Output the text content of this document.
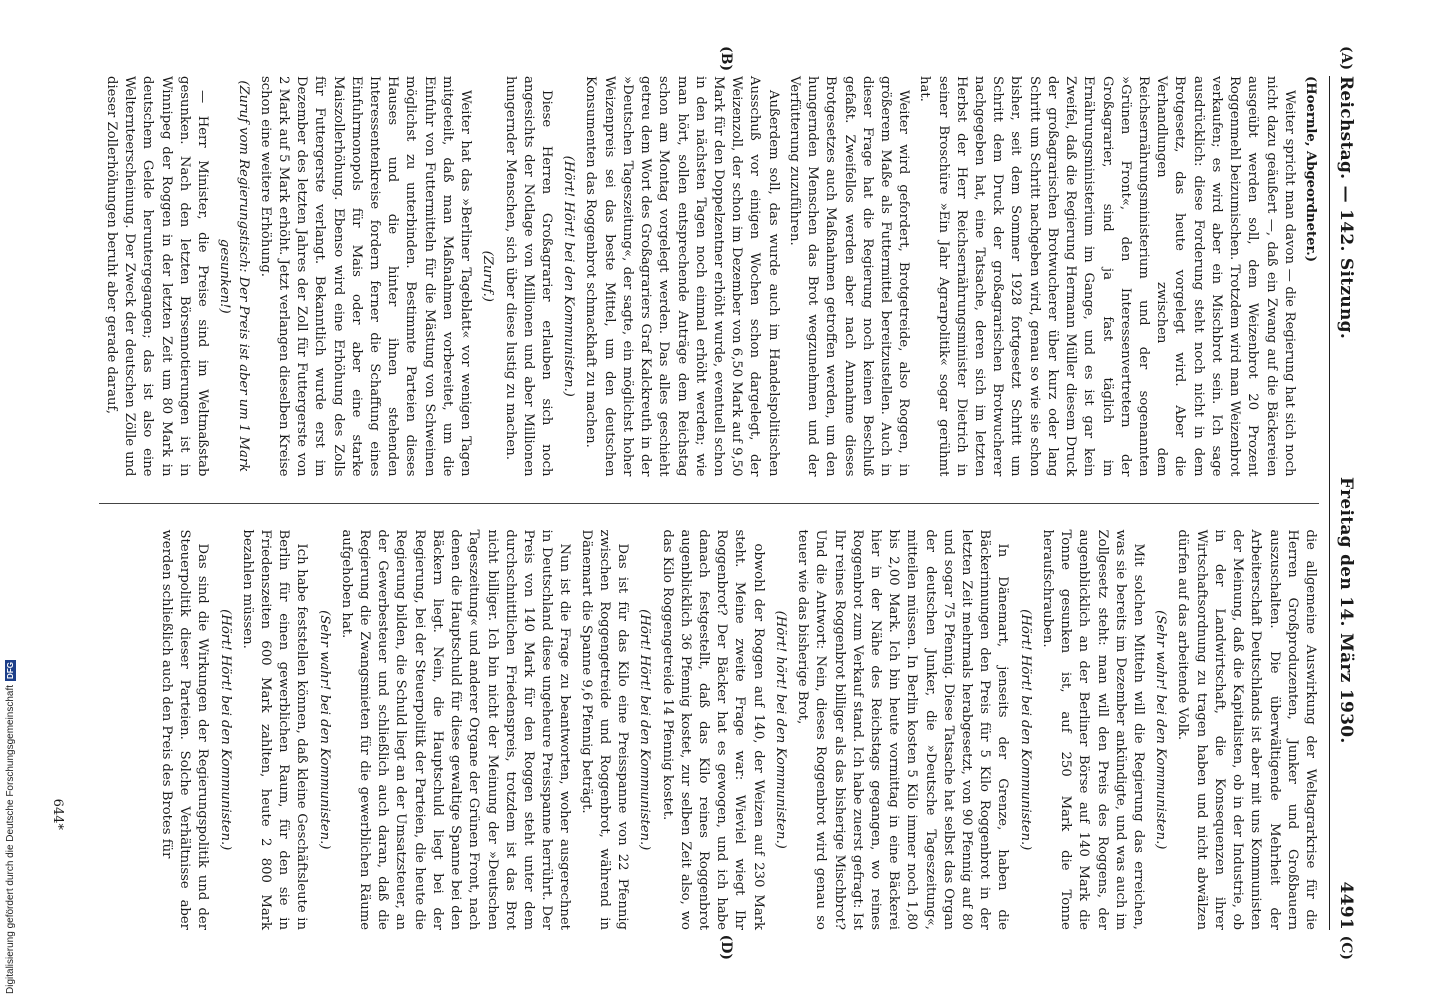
Reichstag. — 142. Sitzung.
Freitag den 14. März 1930.
4491

(Hoernle, Abgeordneter.)

Weiter spricht man davon — die Regierung hat sich noch nicht dazu geäußert —, daß ein Zwang auf die Bäckereien ausgeübt werden soll, dem Weizenbrot 20 Prozent Roggenmehl beizumischen. Trotzdem wird man Weizenbrot verkaufen; es wird aber ein Mischbrot sein. Ich sage ausdrücklich: diese Forderung steht noch nicht in dem Brotgesetz, das heute vorgelegt wird. Aber die Verhandlungen zwischen dem Reichsernährungsministerium und der sogenannten »Grünen Front«, den Interessenvertretern der Großagrarier, sind ja fast täglich im Ernährungsministerium im Gange, und es ist gar kein Zweifel, daß die Regierung Hermann Müller diesem Druck der großagrarischen Brotwucherer über kurz oder lang Schritt um Schritt nachgeben wird, genau so wie sie schon bisher, seit dem Sommer 1928 fortgesetzt Schritt um Schritt dem Druck der großagrarischen Brotwucherer nachgegeben hat, eine Tatsache, deren sich im letzten Herbst der Herr Reichsernährungsminister Dietrich in seiner Broschüre »Ein Jahr Agrarpolitik« sogar gerühmt hat.

Weiter wird gefordert, Brotgetreide, also Roggen, in größerem Maße als Futtermittel bereitzustellen. Auch in dieser Frage hat die Regierung noch keinen Beschluß gefaßt. Zweifellos werden aber nach Annahme dieses Brotgesetzes auch Maßnahmen getroffen werden, um den hungernden Menschen das Brot wegzunehmen und der Verfütterung zuzuführen.

Außerdem soll, das wurde auch im Handelspolitischen Ausschuß vor einigen Wochen schon dargelegt, der Weizenzoll, der schon im Dezember von 6,50 Mark auf 9,50 Mark für den Doppelzentner erhöht wurde, eventuell schon in den nächsten Tagen noch einmal erhöht werden; wie man hört, sollen entsprechende Anträge dem Reichstag schon am Montag vorgelegt werden. Das alles geschieht getreu dem Wort des Großagrariers Graf Kalckreuth in der »Deutschen Tageszeitung«, der sagte, ein möglichst hoher Weizenpreis sei das beste Mittel, um den deutschen Konsumenten das Roggenbrot schmackhaft zu machen.

(Hört! Hört! bei den Kommunisten.)

Diese Herren Großagrarier erlauben sich noch angesichts der Notlage von Millionen und aber Millionen hungernder Menschen, sich über diese lustig zu machen.

(Zuruf.)

Weiter hat das »Berliner Tageblatt« vor wenigen Tagen mitgeteilt, daß man Maßnahmen vorbereitet, um die Einfuhr von Futtermitteln für die Mästung von Schweinen möglichst zu unterbinden. Bestimmte Parteien dieses Hauses und die hinter ihnen stehenden Interessentenkreise fordern ferner die Schaffung eines Einfuhrmonopols für Mais oder aber eine starke Maiszollerhöhung. Ebenso wird eine Erhöhung des Zolls für Futtergerste verlangt. Bekanntlich wurde erst im Dezember des letzten Jahres der Zoll für Futtergerste von 2 Mark auf 5 Mark erhöht. Jetzt verlangen dieselben Kreise schon eine weitere Erhöhung.

(Zuruf vom Regierungstisch: Der Preis ist aber um 1 Mark gesunken!)

— Herr Minister, die Preise sind im Weltmaßstab gesunken. Nach den letzten Börsennotierungen ist in Winnipeg der Roggen in der letzten Zeit um 80 Mark in deutschem Gelde heruntergegangen; das ist also eine Welternteerscheinung. Der Zweck der deutschen Zölle und dieser Zollerhöhungen beruht aber gerade darauf,

die allgemeine Auswirkung der Weltagrarkrise für die Herren Großproduzenten, Junker und Großbauern auszuschalten. Die überwältigende Mehrheit der Arbeiterschaft Deutschlands ist aber mit uns Kommunisten der Meinung, daß die Kapitalisten, ob in der Industrie, ob in der Landwirtschaft, die Konsequenzen ihrer Wirtschaftsordnung zu tragen haben und nicht abwälzen dürfen auf das arbeitende Volk.

(Sehr wahr! bei den Kommunisten.)

Mit solchen Mitteln will die Regierung das erreichen, was sie bereits im Dezember ankündigte, und was auch im Zollgesetz steht: man will den Preis des Roggens, der augenblicklich an der Berliner Börse auf 140 Mark die Tonne gesunken ist, auf 250 Mark die Tonne heraufschrauben.

(Hört! Hört! bei den Kommunisten.)

In Dänemart, jenseits der Grenze, haben die Bäckerinnungen den Preis für 5 Kilo Roggenbrot in der letzten Zeit mehrmals herabgesetzt, von 90 Pfennig auf 80 und sogar 75 Pfennig. Diese Tatsache hat selbst das Organ der deutschen Junker, die »Deutsche Tageszeitung«, mitteilen müssen. In Berlin kosten 5 Kilo immer noch 1,80 bis 2,00 Mark. Ich bin heute vormittag in eine Bäckerei hier in der Nähe des Reichstags gegangen, wo reines Roggenbrot zum Verkauf stand. Ich habe zuerst gefragt: Ist Ihr reines Roggenbrot billiger als das bisherige Mischbrot? Und die Antwort: Nein, dieses Roggenbrot wird genau so teuer wie das bisherige Brot,

(Hört! hört! bei den Kommunisten.)

obwohl der Roggen auf 140, der Weizen auf 230 Mark steht. Meine zweite Frage war: Wieviel wiegt Ihr Roggenbrot? Der Bäcker hat es gewogen, und ich habe danach festgestellt, daß das Kilo reines Roggenbrot augenblicklich 36 Pfennig kostet, zur selben Zeit also, wo das Kilo Roggengetreide 14 Pfennig kostet.

(Hört! Hört! bei den Kommunisten.)

Das ist für das Kilo eine Preisspanne von 22 Pfennig zwischen Roggengetreide und Roggenbrot, während in Dänemart die Spanne 9,6 Pfennig beträgt.

Nun ist die Frage zu beantworten, woher ausgerechnet in Deutschland diese ungeheure Preisspanne herrührt. Der Preis von 140 Mark für den Roggen steht unter dem durchschnittlichen Friedenspreis, trotzdem ist das Brot nicht billiger. Ich bin nicht der Meinung der »Deutschen Tageszeitung« und anderer Organe der Grünen Front, nach denen die Hauptschuld für diese gewaltige Spanne bei den Bäckern liegt. Nein, die Hauptschuld liegt bei der Regierung, bei der Steuerpolitik der Parteien, die heute die Regierung bilden, die Schuld liegt an der Umsatzsteuer, an der Gewerbesteuer und schließlich auch daran, daß die Regierung die Zwangsmieten für die gewerblichen Räume aufgehoben hat.

(Sehr wahr! bei den Kommunisten.)

Ich habe feststellen können, daß kleine Geschäftsleute in Berlin für einen gewerblichen Raum, für den sie in Friedenszeiten 600 Mark zahlten, heute 2 800 Mark bezahlen müssen.

(Hört! Hört! bei den Kommunisten.)

Das sind die Wirkungen der Regierungspolitik und der Steuerpolitik dieser Parteien. Solche Verhältnisse aber werden schließlich auch den Preis des Brotes für

(A)
(B)
(C)
(D)
644*
Digitalisierung gefördert durch die Deutsche Forschungsgemeinschaft
DFG
